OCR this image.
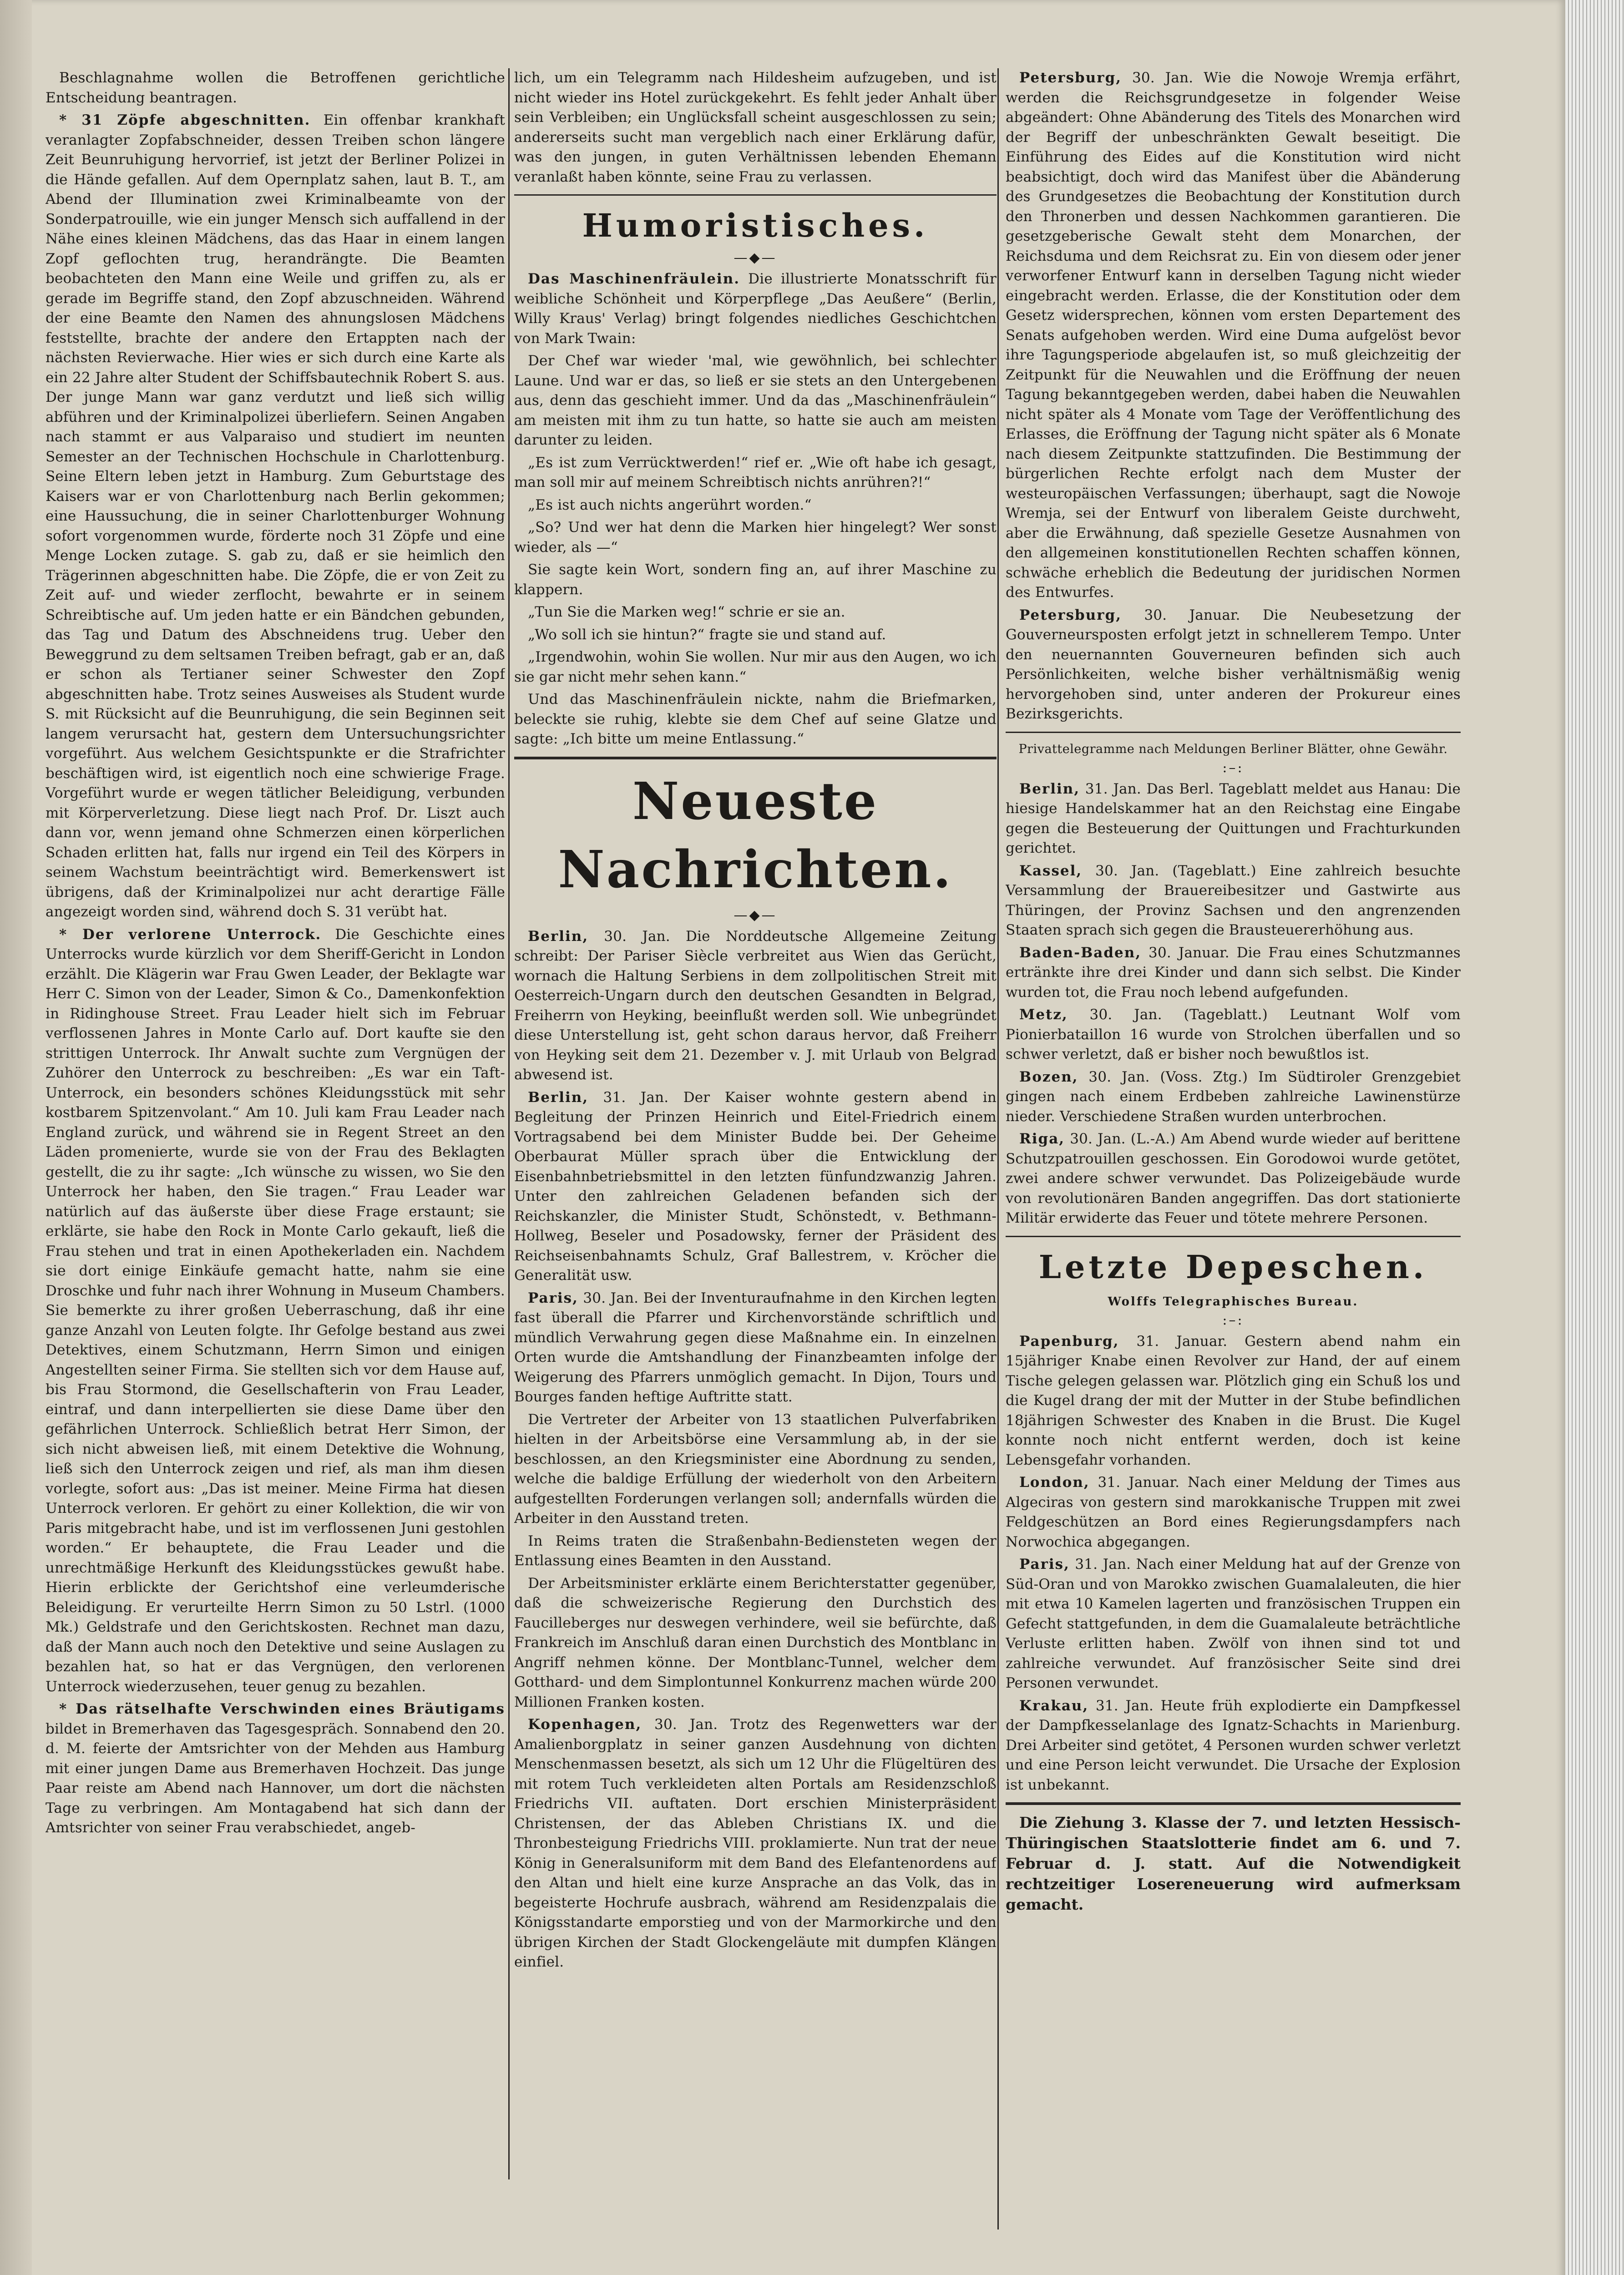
Beschlagnahme wollen die Betroffenen gerichtliche Entscheidung beantragen.

* 31 Zöpfe abgeschnitten. Ein offenbar krankhaft veranlagter Zopfabschneider, dessen Treiben schon längere Zeit Beunruhigung hervorrief, ist jetzt der Berliner Polizei in die Hände gefallen. Auf dem Opernplatz sahen, laut B. T., am Abend der Illumination zwei Kriminalbeamte von der Sonderpatrouille, wie ein junger Mensch sich auffallend in der Nähe eines kleinen Mädchens, das das Haar in einem langen Zopf geflochten trug, herandrängte. Die Beamten beobachteten den Mann eine Weile und griffen zu, als er gerade im Begriffe stand, den Zopf abzuschneiden. Während der eine Beamte den Namen des ahnungslosen Mädchens feststellte, brachte der andere den Ertappten nach der nächsten Revierwache. Hier wies er sich durch eine Karte als ein 22 Jahre alter Student der Schiffsbautechnik Robert S. aus. Der junge Mann war ganz verdutzt und ließ sich willig abführen und der Kriminalpolizei überliefern. Seinen Angaben nach stammt er aus Valparaiso und studiert im neunten Semester an der Technischen Hochschule in Charlottenburg. Seine Eltern leben jetzt in Hamburg. Zum Geburtstage des Kaisers war er von Charlottenburg nach Berlin gekommen; eine Haussuchung, die in seiner Charlottenburger Wohnung sofort vorgenommen wurde, förderte noch 31 Zöpfe und eine Menge Locken zutage. S. gab zu, daß er sie heimlich den Trägerinnen abgeschnitten habe. Die Zöpfe, die er von Zeit zu Zeit auf- und wieder zerflocht, bewahrte er in seinem Schreibtische auf. Um jeden hatte er ein Bändchen gebunden, das Tag und Datum des Abschneidens trug. Ueber den Beweggrund zu dem seltsamen Treiben befragt, gab er an, daß er schon als Tertianer seiner Schwester den Zopf abgeschnitten habe. Trotz seines Ausweises als Student wurde S. mit Rücksicht auf die Beunruhigung, die sein Beginnen seit langem verursacht hat, gestern dem Untersuchungsrichter vorgeführt. Aus welchem Gesichtspunkte er die Strafrichter beschäftigen wird, ist eigentlich noch eine schwierige Frage. Vorgeführt wurde er wegen tätlicher Beleidigung, verbunden mit Körperverletzung. Diese liegt nach Prof. Dr. Liszt auch dann vor, wenn jemand ohne Schmerzen einen körperlichen Schaden erlitten hat, falls nur irgend ein Teil des Körpers in seinem Wachstum beeinträchtigt wird. Bemerkenswert ist übrigens, daß der Kriminalpolizei nur acht derartige Fälle angezeigt worden sind, während doch S. 31 verübt hat.

* Der verlorene Unterrock. Die Geschichte eines Unterrocks wurde kürzlich vor dem Sheriff-Gericht in London erzählt. Die Klägerin war Frau Gwen Leader, der Beklagte war Herr C. Simon von der Leader, Simon & Co., Damenkonfektion in Ridinghouse Street. Frau Leader hielt sich im Februar verflossenen Jahres in Monte Carlo auf. Dort kaufte sie den strittigen Unterrock. Ihr Anwalt suchte zum Vergnügen der Zuhörer den Unterrock zu beschreiben: „Es war ein Taft-Unterrock, ein besonders schönes Kleidungsstück mit sehr kostbarem Spitzenvolant.“ Am 10. Juli kam Frau Leader nach England zurück, und während sie in Regent Street an den Läden promenierte, wurde sie von der Frau des Beklagten gestellt, die zu ihr sagte: „Ich wünsche zu wissen, wo Sie den Unterrock her haben, den Sie tragen.“ Frau Leader war natürlich auf das äußerste über diese Frage erstaunt; sie erklärte, sie habe den Rock in Monte Carlo gekauft, ließ die Frau stehen und trat in einen Apothekerladen ein. Nachdem sie dort einige Einkäufe gemacht hatte, nahm sie eine Droschke und fuhr nach ihrer Wohnung in Museum Chambers. Sie bemerkte zu ihrer großen Ueberraschung, daß ihr eine ganze Anzahl von Leuten folgte. Ihr Gefolge bestand aus zwei Detektives, einem Schutzmann, Herrn Simon und einigen Angestellten seiner Firma. Sie stellten sich vor dem Hause auf, bis Frau Stormond, die Gesellschafterin von Frau Leader, eintraf, und dann interpellierten sie diese Dame über den gefährlichen Unterrock. Schließlich betrat Herr Simon, der sich nicht abweisen ließ, mit einem Detektive die Wohnung, ließ sich den Unterrock zeigen und rief, als man ihm diesen vorlegte, sofort aus: „Das ist meiner. Meine Firma hat diesen Unterrock verloren. Er gehört zu einer Kollektion, die wir von Paris mitgebracht habe, und ist im verflossenen Juni gestohlen worden.“ Er behauptete, die Frau Leader und die unrechtmäßige Herkunft des Kleidungsstückes gewußt habe. Hierin erblickte der Gerichtshof eine verleumderische Beleidigung. Er verurteilte Herrn Simon zu 50 Lstrl. (1000 Mk.) Geldstrafe und den Gerichtskosten. Rechnet man dazu, daß der Mann auch noch den Detektive und seine Auslagen zu bezahlen hat, so hat er das Vergnügen, den verlorenen Unterrock wiederzusehen, teuer genug zu bezahlen.

* Das rätselhafte Verschwinden eines Bräutigams bildet in Bremerhaven das Tagesgespräch. Sonnabend den 20. d. M. feierte der Amtsrichter von der Mehden aus Hamburg mit einer jungen Dame aus Bremerhaven Hochzeit. Das junge Paar reiste am Abend nach Hannover, um dort die nächsten Tage zu verbringen. Am Montagabend hat sich dann der Amtsrichter von seiner Frau verabschiedet, angeb-

lich, um ein Telegramm nach Hildesheim aufzugeben, und ist nicht wieder ins Hotel zurückgekehrt. Es fehlt jeder Anhalt über sein Verbleiben; ein Unglücksfall scheint ausgeschlossen zu sein; andererseits sucht man vergeblich nach einer Erklärung dafür, was den jungen, in guten Verhältnissen lebenden Ehemann veranlaßt haben könnte, seine Frau zu verlassen.

Humoristisches.
—◆—

Das Maschinenfräulein. Die illustrierte Monatsschrift für weibliche Schönheit und Körperpflege „Das Aeußere“ (Berlin, Willy Kraus' Verlag) bringt folgendes niedliches Geschichtchen von Mark Twain:

Der Chef war wieder 'mal, wie gewöhnlich, bei schlechter Laune. Und war er das, so ließ er sie stets an den Untergebenen aus, denn das geschieht immer. Und da das „Maschinenfräulein“ am meisten mit ihm zu tun hatte, so hatte sie auch am meisten darunter zu leiden.

„Es ist zum Verrücktwerden!“ rief er. „Wie oft habe ich gesagt, man soll mir auf meinem Schreibtisch nichts anrühren?!“

„Es ist auch nichts angerührt worden.“

„So? Und wer hat denn die Marken hier hingelegt? Wer sonst wieder, als —“

Sie sagte kein Wort, sondern fing an, auf ihrer Maschine zu klappern.

„Tun Sie die Marken weg!“ schrie er sie an.

„Wo soll ich sie hintun?“ fragte sie und stand auf.

„Irgendwohin, wohin Sie wollen. Nur mir aus den Augen, wo ich sie gar nicht mehr sehen kann.“

Und das Maschinenfräulein nickte, nahm die Briefmarken, beleckte sie ruhig, klebte sie dem Chef auf seine Glatze und sagte: „Ich bitte um meine Entlassung.“

Neueste Nachrichten.
—◆—

Berlin, 30. Jan. Die Norddeutsche Allgemeine Zeitung schreibt: Der Pariser Siècle verbreitet aus Wien das Gerücht, wornach die Haltung Serbiens in dem zollpolitischen Streit mit Oesterreich-Ungarn durch den deutschen Gesandten in Belgrad, Freiherrn von Heyking, beeinflußt werden soll. Wie unbegründet diese Unterstellung ist, geht schon daraus hervor, daß Freiherr von Heyking seit dem 21. Dezember v. J. mit Urlaub von Belgrad abwesend ist.

Berlin, 31. Jan. Der Kaiser wohnte gestern abend in Begleitung der Prinzen Heinrich und Eitel-Friedrich einem Vortragsabend bei dem Minister Budde bei. Der Geheime Oberbaurat Müller sprach über die Entwicklung der Eisenbahnbetriebsmittel in den letzten fünfundzwanzig Jahren. Unter den zahlreichen Geladenen befanden sich der Reichskanzler, die Minister Studt, Schönstedt, v. Bethmann-Hollweg, Beseler und Posadowsky, ferner der Präsident des Reichseisenbahnamts Schulz, Graf Ballestrem, v. Kröcher die Generalität usw.

Paris, 30. Jan. Bei der Inventuraufnahme in den Kirchen legten fast überall die Pfarrer und Kirchenvorstände schriftlich und mündlich Verwahrung gegen diese Maßnahme ein. In einzelnen Orten wurde die Amtshandlung der Finanzbeamten infolge der Weigerung des Pfarrers unmöglich gemacht. In Dijon, Tours und Bourges fanden heftige Auftritte statt.

Die Vertreter der Arbeiter von 13 staatlichen Pulverfabriken hielten in der Arbeitsbörse eine Versammlung ab, in der sie beschlossen, an den Kriegsminister eine Abordnung zu senden, welche die baldige Erfüllung der wiederholt von den Arbeitern aufgestellten Forderungen verlangen soll; andernfalls würden die Arbeiter in den Ausstand treten.

In Reims traten die Straßenbahn-Bediensteten wegen der Entlassung eines Beamten in den Ausstand.

Der Arbeitsminister erklärte einem Berichterstatter gegenüber, daß die schweizerische Regierung den Durchstich des Faucilleberges nur deswegen verhindere, weil sie befürchte, daß Frankreich im Anschluß daran einen Durchstich des Montblanc in Angriff nehmen könne. Der Montblanc-Tunnel, welcher dem Gotthard- und dem Simplontunnel Konkurrenz machen würde 200 Millionen Franken kosten.

Kopenhagen, 30. Jan. Trotz des Regenwetters war der Amalienborgplatz in seiner ganzen Ausdehnung von dichten Menschenmassen besetzt, als sich um 12 Uhr die Flügeltüren des mit rotem Tuch verkleideten alten Portals am Residenzschloß Friedrichs VII. auftaten. Dort erschien Ministerpräsident Christensen, der das Ableben Christians IX. und die Thronbesteigung Friedrichs VIII. proklamierte. Nun trat der neue König in Generalsuniform mit dem Band des Elefantenordens auf den Altan und hielt eine kurze Ansprache an das Volk, das in begeisterte Hochrufe ausbrach, während am Residenzpalais die Königsstandarte emporstieg und von der Marmorkirche und den übrigen Kirchen der Stadt Glockengeläute mit dumpfen Klängen einfiel.

Petersburg, 30. Jan. Wie die Nowoje Wremja erfährt, werden die Reichsgrundgesetze in folgender Weise abgeändert: Ohne Abänderung des Titels des Monarchen wird der Begriff der unbeschränkten Gewalt beseitigt. Die Einführung des Eides auf die Konstitution wird nicht beabsichtigt, doch wird das Manifest über die Abänderung des Grundgesetzes die Beobachtung der Konstitution durch den Thronerben und dessen Nachkommen garantieren. Die gesetzgeberische Gewalt steht dem Monarchen, der Reichsduma und dem Reichsrat zu. Ein von diesem oder jener verworfener Entwurf kann in derselben Tagung nicht wieder eingebracht werden. Erlasse, die der Konstitution oder dem Gesetz widersprechen, können vom ersten Departement des Senats aufgehoben werden. Wird eine Duma aufgelöst bevor ihre Tagungsperiode abgelaufen ist, so muß gleichzeitig der Zeitpunkt für die Neuwahlen und die Eröffnung der neuen Tagung bekanntgegeben werden, dabei haben die Neuwahlen nicht später als 4 Monate vom Tage der Veröffentlichung des Erlasses, die Eröffnung der Tagung nicht später als 6 Monate nach diesem Zeitpunkte stattzufinden. Die Bestimmung der bürgerlichen Rechte erfolgt nach dem Muster der westeuropäischen Verfassungen; überhaupt, sagt die Nowoje Wremja, sei der Entwurf von liberalem Geiste durchweht, aber die Erwähnung, daß spezielle Gesetze Ausnahmen von den allgemeinen konstitutionellen Rechten schaffen können, schwäche erheblich die Bedeutung der juridischen Normen des Entwurfes.

Petersburg, 30. Januar. Die Neubesetzung der Gouverneursposten erfolgt jetzt in schnellerem Tempo. Unter den neuernannten Gouverneuren befinden sich auch Persönlichkeiten, welche bisher verhältnismäßig wenig hervorgehoben sind, unter anderen der Prokureur eines Bezirksgerichts.

Privattelegramme nach Meldungen Berliner Blätter, ohne Gewähr.
:–:

Berlin, 31. Jan. Das Berl. Tageblatt meldet aus Hanau: Die hiesige Handelskammer hat an den Reichstag eine Eingabe gegen die Besteuerung der Quittungen und Frachturkunden gerichtet.

Kassel, 30. Jan. (Tageblatt.) Eine zahlreich besuchte Versammlung der Brauereibesitzer und Gastwirte aus Thüringen, der Provinz Sachsen und den angrenzenden Staaten sprach sich gegen die Brausteuererhöhung aus.

Baden-Baden, 30. Januar. Die Frau eines Schutzmannes ertränkte ihre drei Kinder und dann sich selbst. Die Kinder wurden tot, die Frau noch lebend aufgefunden.

Metz, 30. Jan. (Tageblatt.) Leutnant Wolf vom Pionierbataillon 16 wurde von Strolchen überfallen und so schwer verletzt, daß er bisher noch bewußtlos ist.

Bozen, 30. Jan. (Voss. Ztg.) Im Südtiroler Grenzgebiet gingen nach einem Erdbeben zahlreiche Lawinenstürze nieder. Verschiedene Straßen wurden unterbrochen.

Riga, 30. Jan. (L.-A.) Am Abend wurde wieder auf berittene Schutzpatrouillen geschossen. Ein Gorodowoi wurde getötet, zwei andere schwer verwundet. Das Polizeigebäude wurde von revolutionären Banden angegriffen. Das dort stationierte Militär erwiderte das Feuer und tötete mehrere Personen.

Letzte Depeschen.
Wolffs Telegraphisches Bureau.
:–:

Papenburg, 31. Januar. Gestern abend nahm ein 15jähriger Knabe einen Revolver zur Hand, der auf einem Tische gelegen gelassen war. Plötzlich ging ein Schuß los und die Kugel drang der mit der Mutter in der Stube befindlichen 18jährigen Schwester des Knaben in die Brust. Die Kugel konnte noch nicht entfernt werden, doch ist keine Lebensgefahr vorhanden.

London, 31. Januar. Nach einer Meldung der Times aus Algeciras von gestern sind marokkanische Truppen mit zwei Feldgeschützen an Bord eines Regierungsdampfers nach Norwochica abgegangen.

Paris, 31. Jan. Nach einer Meldung hat auf der Grenze von Süd-Oran und von Marokko zwischen Guamalaleuten, die hier mit etwa 10 Kamelen lagerten und französischen Truppen ein Gefecht stattgefunden, in dem die Guamalaleute beträchtliche Verluste erlitten haben. Zwölf von ihnen sind tot und zahlreiche verwundet. Auf französischer Seite sind drei Personen verwundet.

Krakau, 31. Jan. Heute früh explodierte ein Dampfkessel der Dampfkesselanlage des Ignatz-Schachts in Marienburg. Drei Arbeiter sind getötet, 4 Personen wurden schwer verletzt und eine Person leicht verwundet. Die Ursache der Explosion ist unbekannt.

Die Ziehung 3. Klasse der 7. und letzten Hessisch-Thüringischen Staatslotterie findet am 6. und 7. Februar d. J. statt. Auf die Notwendigkeit rechtzeitiger Losereneuerung wird aufmerksam gemacht.
